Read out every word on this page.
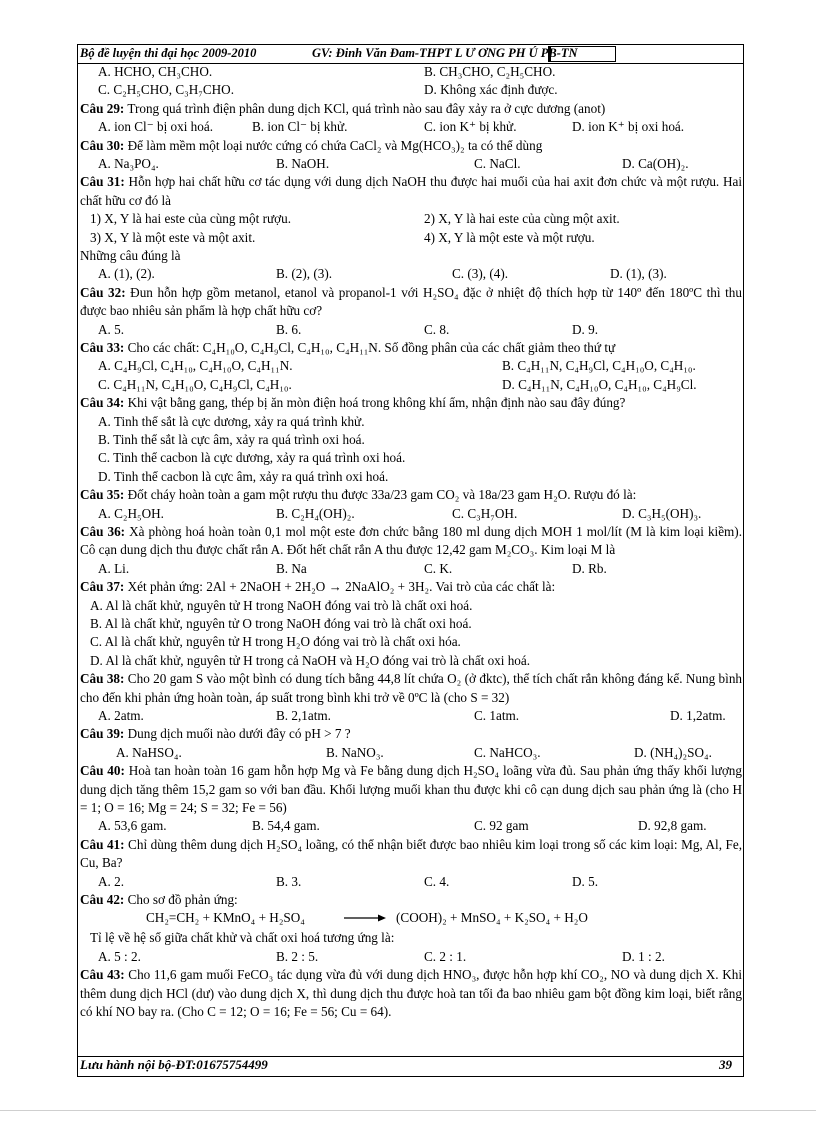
Bộ đề luyện thi đại học 2009-2010	GV: Đinh Văn Đam-THPT L Ư ƠNG PH Ú PB-TN
A. HCHO, CH₃CHO.	B. CH₃CHO, C₂H₅CHO.
C. C₂H₅CHO, C₃H₇CHO.	D. Không xác định được.

Câu 29: Trong quá trình điện phân dung dịch KCl, quá trình nào sau đây xảy ra ở cực dương (anot)

A. ion Cl⁻ bị oxi hoá.	B. ion Cl⁻ bị khử.	C. ion K⁺ bị khử.	D. ion K⁺ bị oxi hoá.

Câu 30: Để làm mềm một loại nước cứng có chứa CaCl₂ và Mg(HCO₃)₂ ta có thể dùng

A. Na₃PO₄.	B. NaOH.	C. NaCl.	D. Ca(OH)₂.

Câu 31: Hỗn hợp hai chất hữu cơ tác dụng với dung dịch NaOH thu được hai muối của hai axit đơn chức và một rượu. Hai chất hữu cơ đó là

1) X, Y là hai este của cùng một rượu.	2) X, Y là hai este của cùng một axit.
3) X, Y là một este và một axit.	4) X, Y là một este và một rượu.

Những câu đúng là

A. (1), (2).	B. (2), (3).	C. (3), (4).	D. (1), (3).

Câu 32: Đun hỗn hợp gồm metanol, etanol và propanol-1 với H₂SO₄ đặc ở nhiệt độ thích hợp từ 140º đến 180ºC thì thu được bao nhiêu sản phẩm là hợp chất hữu cơ?

A. 5.	B. 6.	C. 8.	D. 9.

Câu 33: Cho các chất: C₄H₁₀O, C₄H₉Cl, C₄H₁₀, C₄H₁₁N. Số đồng phân của các chất giảm theo thứ tự

A. C₄H₉Cl, C₄H₁₀, C₄H₁₀O, C₄H₁₁N.	B. C₄H₁₁N, C₄H₉Cl, C₄H₁₀O, C₄H₁₀.
C. C₄H₁₁N, C₄H₁₀O, C₄H₉Cl, C₄H₁₀.	D. C₄H₁₁N, C₄H₁₀O, C₄H₁₀, C₄H₉Cl.

Câu 34: Khi vật bằng gang, thép bị ăn mòn điện hoá trong không khí ẩm, nhận định nào sau đây đúng?

A. Tinh thể sắt là cực dương, xảy ra quá trình khử.
B. Tinh thể sắt là cực âm, xảy ra quá trình oxi hoá.
C. Tinh thể cacbon là cực dương, xảy ra quá trình oxi hoá.
D. Tinh thể cacbon là cực âm, xảy ra quá trình oxi hoá.

Câu 35: Đốt cháy hoàn toàn a gam một rượu thu được 33a/23 gam CO₂ và 18a/23 gam H₂O. Rượu đó là:

A. C₂H₅OH.	B. C₂H₄(OH)₂.	C. C₃H₇OH.	D. C₃H₅(OH)₃.

Câu 36: Xà phòng hoá hoàn toàn 0,1 mol một este đơn chức bằng 180 ml dung dịch MOH 1 mol/lít (M là kim loại kiềm). Cô cạn dung dịch thu được chất rắn A. Đốt hết chất rắn A thu được 12,42 gam M₂CO₃. Kim loại M là

A. Li.	B. Na	C. K.	D. Rb.

Câu 37: Xét phản ứng: 2Al + 2NaOH + 2H₂O → 2NaAlO₂ + 3H₂. Vai trò của các chất là:

A. Al là chất khử, nguyên tử H trong NaOH đóng vai trò là chất oxi hoá.
B. Al là chất khử, nguyên tử O trong NaOH đóng vai trò là chất oxi hoá.
C. Al là chất khử, nguyên tử H trong H₂O đóng vai trò là chất oxi hóa.
D. Al là chất khử, nguyên tử H trong cả NaOH và H₂O đóng vai trò là chất oxi hoá.

Câu 38: Cho 20 gam S vào một bình có dung tích bằng 44,8 lít chứa O₂ (ở đktc), thể tích chất rắn không đáng kể. Nung bình cho đến khi phản ứng hoàn toàn, áp suất trong bình khi trở về 0ºC là (cho S = 32)

A. 2atm.	B. 2,1atm.	C. 1atm.	D. 1,2atm.

Câu 39: Dung dịch muối nào dưới đây có pH > 7 ?

A. NaHSO₄.	B. NaNO₃.	C. NaHCO₃.	D. (NH₄)₂SO₄.

Câu 40: Hoà tan hoàn toàn 16 gam hỗn hợp Mg và Fe bằng dung dịch H₂SO₄ loãng vừa đủ. Sau phản ứng thấy khối lượng dung dịch tăng thêm 15,2 gam so với ban đầu. Khối lượng muối khan thu được khi cô cạn dung dịch sau phản ứng là (cho H = 1; O = 16; Mg = 24; S = 32; Fe = 56)

A. 53,6 gam.	B. 54,4 gam.	C. 92 gam	D. 92,8 gam.

Câu 41: Chỉ dùng thêm dung dịch H₂SO₄ loãng, có thể nhận biết được bao nhiêu kim loại trong số các kim loại: Mg, Al, Fe, Cu, Ba?

A. 2.	B. 3.	C. 4.	D. 5.

Câu 42: Cho sơ đồ phản ứng:

CH₂=CH₂ + KMnO₄ + H₂SO₄	→ (COOH)₂ + MnSO₄ + K₂SO₄ + H₂O

Tỉ lệ về hệ số giữa chất khử và chất oxi hoá tương ứng là:

A. 5 : 2.	B. 2 : 5.	C. 2 : 1.	D. 1 : 2.

Câu 43: Cho 11,6 gam muối FeCO₃ tác dụng vừa đủ với dung dịch HNO₃, được hỗn hợp khí CO₂, NO và dung dịch X. Khi thêm dung dịch HCl (dư) vào dung dịch X, thì dung dịch thu được hoà tan tối đa bao nhiêu gam bột đồng kim loại, biết rằng có khí NO bay ra. (Cho C = 12; O = 16; Fe = 56; Cu = 64).

Lưu hành nội bộ-ĐT:01675754499	39
